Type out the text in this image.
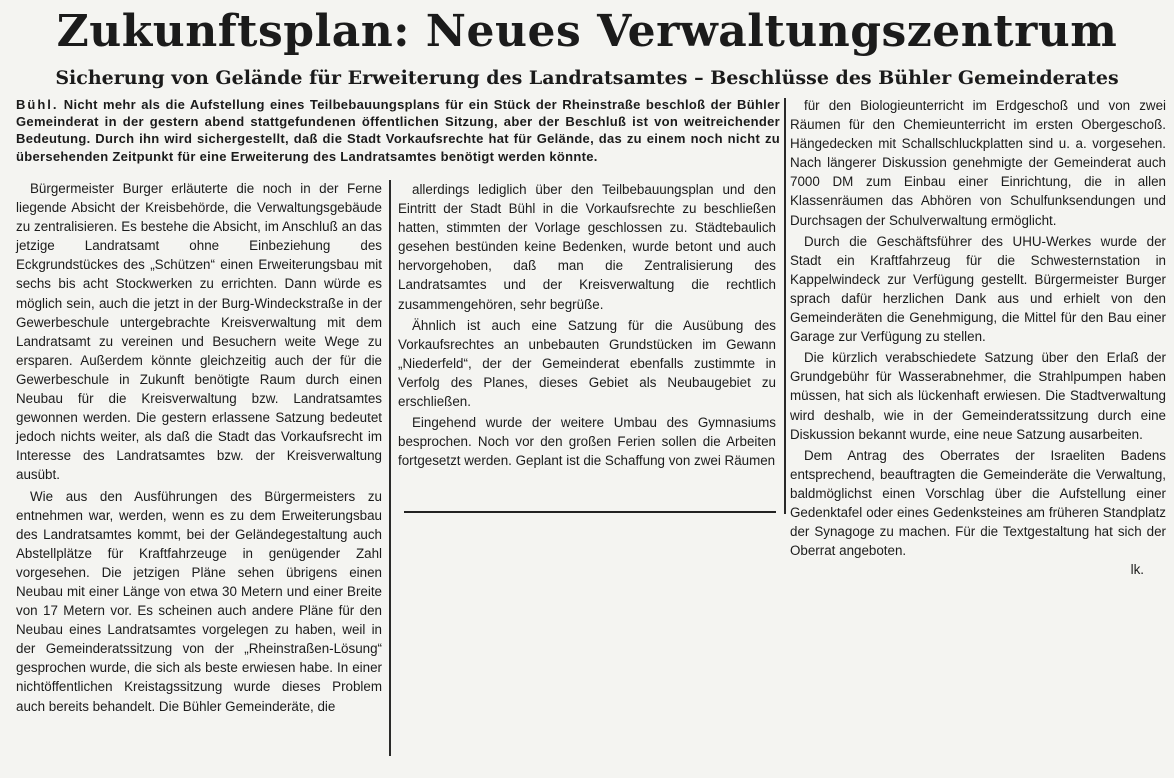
Zukunftsplan: Neues Verwaltungszentrum
Sicherung von Gelände für Erweiterung des Landratsamtes – Beschlüsse des Bühler Gemeinderates
Bühl. Nicht mehr als die Aufstellung eines Teilbebauungsplans für ein Stück der Rheinstraße beschloß der Bühler Gemeinderat in der gestern abend stattgefundenen öffentlichen Sitzung, aber der Beschluß ist von weitreichender Bedeutung. Durch ihn wird sichergestellt, daß die Stadt Vorkaufsrechte hat für Gelände, das zu einem noch nicht zu übersehenden Zeitpunkt für eine Erweiterung des Landratsamtes benötigt werden könnte.

Bürgermeister Burger erläuterte die noch in der Ferne liegende Absicht der Kreisbehörde, die Verwaltungsgebäude zu zentralisieren. Es bestehe die Absicht, im Anschluß an das jetzige Landratsamt ohne Einbeziehung des Eckgrundstückes des „Schützen“ einen Erweiterungsbau mit sechs bis acht Stockwerken zu errichten. Dann würde es möglich sein, auch die jetzt in der Burg-Windeckstraße in der Gewerbeschule untergebrachte Kreisverwaltung mit dem Landratsamt zu vereinen und Besuchern weite Wege zu ersparen. Außerdem könnte gleichzeitig auch der für die Gewerbeschule in Zukunft benötigte Raum durch einen Neubau für die Kreisverwaltung bzw. Landratsamtes gewonnen werden. Die gestern erlassene Satzung bedeutet jedoch nichts weiter, als daß die Stadt das Vorkaufsrecht im Interesse des Landratsamtes bzw. der Kreisverwaltung ausübt.

Wie aus den Ausführungen des Bürgermeisters zu entnehmen war, werden, wenn es zu dem Erweiterungsbau des Landratsamtes kommt, bei der Geländegestaltung auch Abstellplätze für Kraftfahrzeuge in genügender Zahl vorgesehen. Die jetzigen Pläne sehen übrigens einen Neubau mit einer Länge von etwa 30 Metern und einer Breite von 17 Metern vor. Es scheinen auch andere Pläne für den Neubau eines Landratsamtes vorgelegen zu haben, weil in der Gemeinderatssitzung von der „Rheinstraßen-Lösung“ gesprochen wurde, die sich als beste erwiesen habe. In einer nichtöffentlichen Kreistagssitzung wurde dieses Problem auch bereits behandelt. Die Bühler Gemeinderäte, die

allerdings lediglich über den Teilbebauungsplan und den Eintritt der Stadt Bühl in die Vorkaufsrechte zu beschließen hatten, stimmten der Vorlage geschlossen zu. Städtebaulich gesehen bestünden keine Bedenken, wurde betont und auch hervorgehoben, daß man die Zentralisierung des Landratsamtes und der Kreisverwaltung die rechtlich zusammengehören, sehr begrüße.

Ähnlich ist auch eine Satzung für die Ausübung des Vorkaufsrechtes an unbebauten Grundstücken im Gewann „Niederfeld“, der der Gemeinderat ebenfalls zustimmte in Verfolg des Planes, dieses Gebiet als Neubaugebiet zu erschließen.

Eingehend wurde der weitere Umbau des Gymnasiums besprochen. Noch vor den großen Ferien sollen die Arbeiten fortgesetzt werden. Geplant ist die Schaffung von zwei Räumen

für den Biologieunterricht im Erdgeschoß und von zwei Räumen für den Chemieunterricht im ersten Obergeschoß. Hängedecken mit Schallschluckplatten sind u. a. vorgesehen. Nach längerer Diskussion genehmigte der Gemeinderat auch 7000 DM zum Einbau einer Einrichtung, die in allen Klassenräumen das Abhören von Schulfunksendungen und Durchsagen der Schulverwaltung ermöglicht.

Durch die Geschäftsführer des UHU-Werkes wurde der Stadt ein Kraftfahrzeug für die Schwesternstation in Kappelwindeck zur Verfügung gestellt. Bürgermeister Burger sprach dafür herzlichen Dank aus und erhielt von den Gemeinderäten die Genehmigung, die Mittel für den Bau einer Garage zur Verfügung zu stellen.

Die kürzlich verabschiedete Satzung über den Erlaß der Grundgebühr für Wasserabnehmer, die Strahlpumpen haben müssen, hat sich als lückenhaft erwiesen. Die Stadtverwaltung wird deshalb, wie in der Gemeinderatssitzung durch eine Diskussion bekannt wurde, eine neue Satzung ausarbeiten.

Dem Antrag des Oberrates der Israeliten Badens entsprechend, beauftragten die Gemeinderäte die Verwaltung, baldmöglichst einen Vorschlag über die Aufstellung einer Gedenktafel oder eines Gedenksteines am früheren Standplatz der Synagoge zu machen. Für die Textgestaltung hat sich der Oberrat angeboten.

lk.
